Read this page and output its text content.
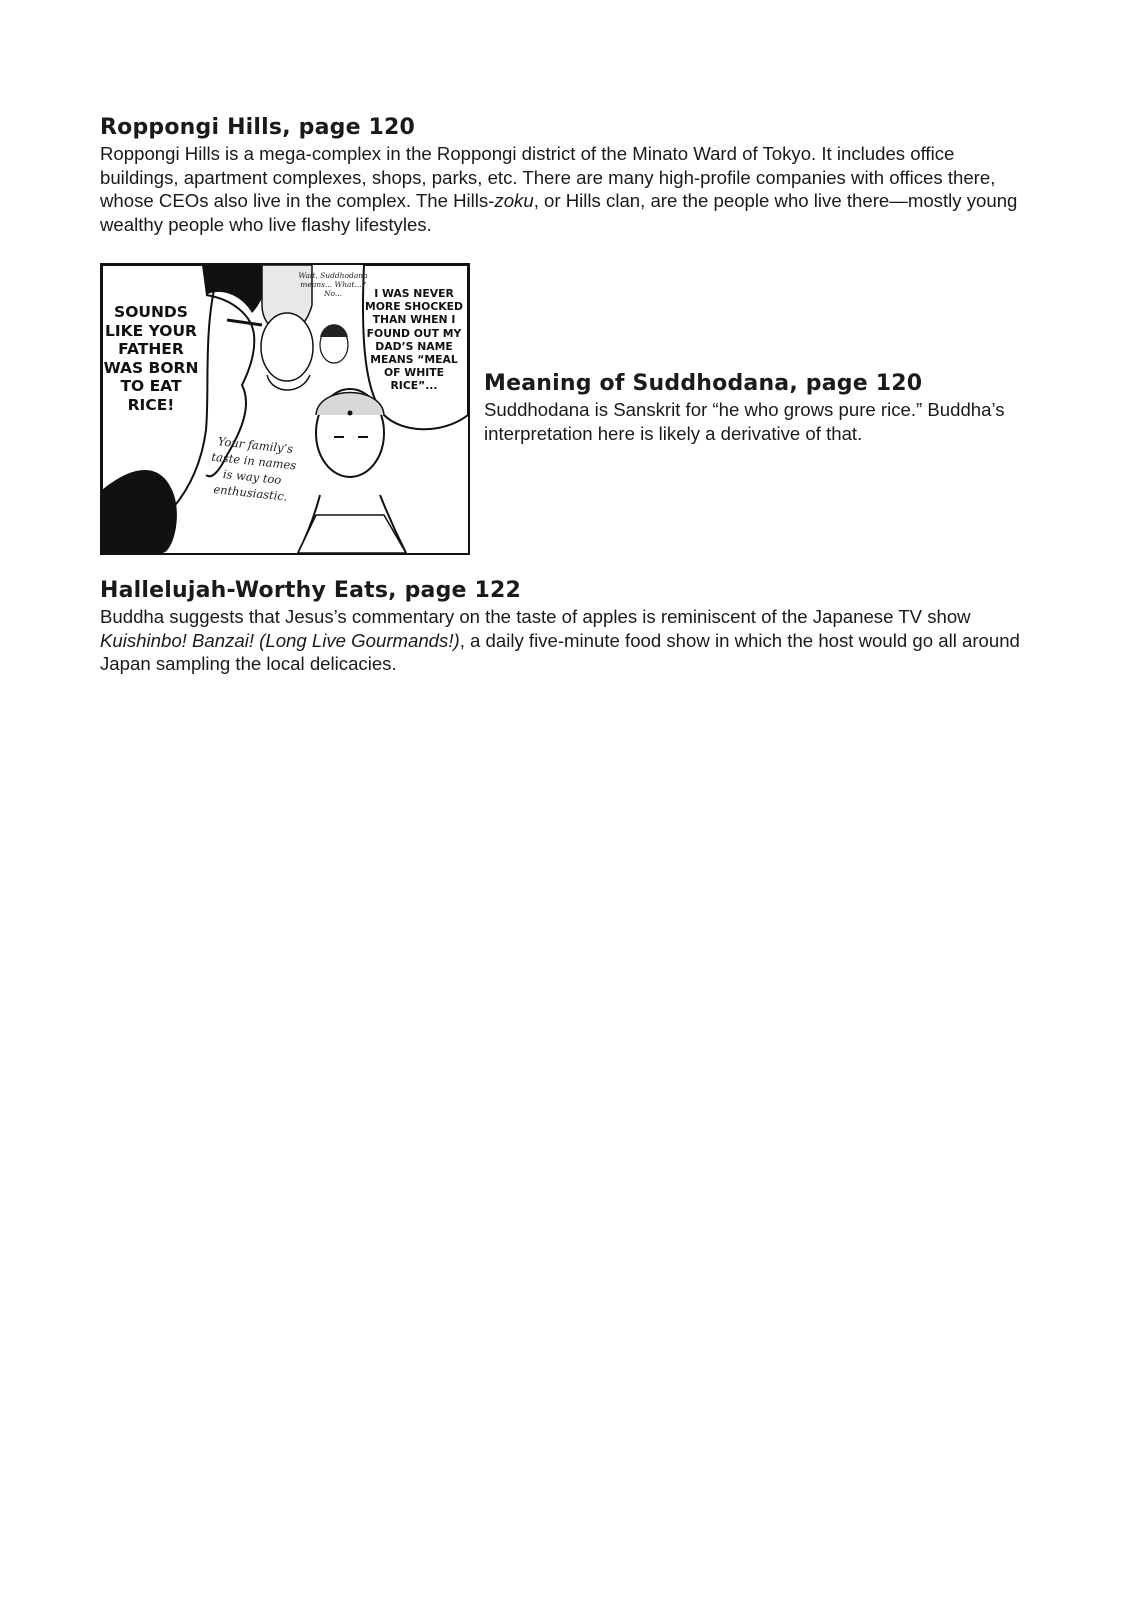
Roppongi Hills, page 120

Roppongi Hills is a mega-complex in the Roppongi district of the Minato Ward of Tokyo. It includes office buildings, apartment complexes, shops, parks, etc. There are many high-profile companies with offices there, whose CEOs also live in the complex. The Hills-zoku, or Hills clan, are the people who live there—mostly young wealthy people who live flashy lifestyles.

SOUNDS LIKE YOUR FATHER WAS BORN TO EAT RICE!
I WAS NEVER MORE SHOCKED THAN WHEN I FOUND OUT MY DAD’S NAME MEANS “MEAL OF WHITE RICE”...
Your family’s taste in names is way too enthusiastic.
Wait, Suddhodana means... What...? No...
Meaning of Suddhodana, page 120

Suddhodana is Sanskrit for “he who grows pure rice.” Buddha’s interpretation here is likely a derivative of that.

Hallelujah-Worthy Eats, page 122

Buddha suggests that Jesus’s commentary on the taste of apples is reminiscent of the Japanese TV show Kuishinbo! Banzai! (Long Live Gourmands!), a daily five-minute food show in which the host would go all around Japan sampling the local delicacies.
